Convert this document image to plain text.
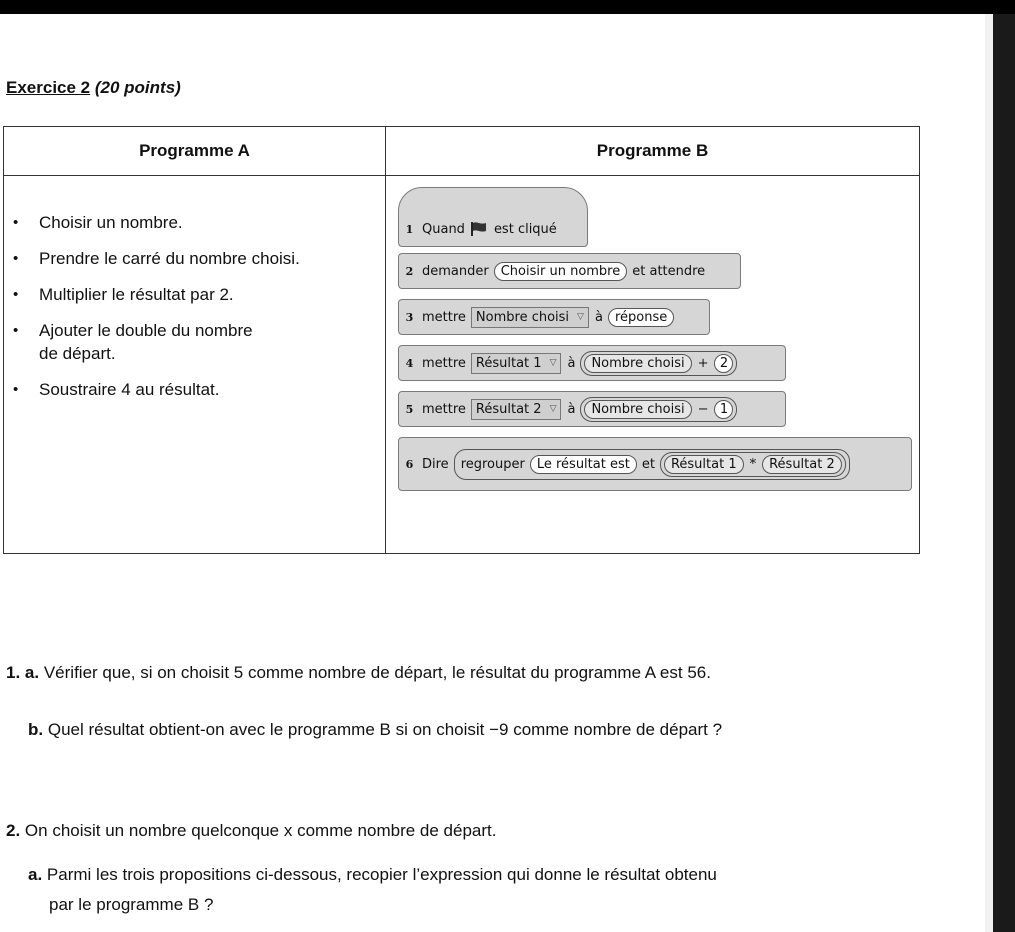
Exercice 2 (20 points)
Programme A	Programme B
• Choisir un nombre.
• Prendre le carré du nombre choisi.
• Multiplier le résultat par 2.
• Ajouter le double du nombre
de départ.
• Soustraire 4 au résultat.
1 Quand est cliqué
2 demander Choisir un nombre et attendre
3 mettre Nombre choisi ▽ à réponse
4 mettre Résultat 1 ▽ à	Nombre choisi	+ 2
5 mettre Résultat 2 ▽ à	Nombre choisi	− 1
6 Dire regrouper Le résultat est et	Résultat 1	*	Résultat 2
1. a. Vérifier que, si on choisit 5 comme nombre de départ, le résultat du programme A est 56.
b. Quel résultat obtient-on avec le programme B si on choisit −9 comme nombre de départ ?
2. On choisit un nombre quelconque x comme nombre de départ.
a. Parmi les trois propositions ci-dessous, recopier l’expression qui donne le résultat obtenu
par le programme B ?
